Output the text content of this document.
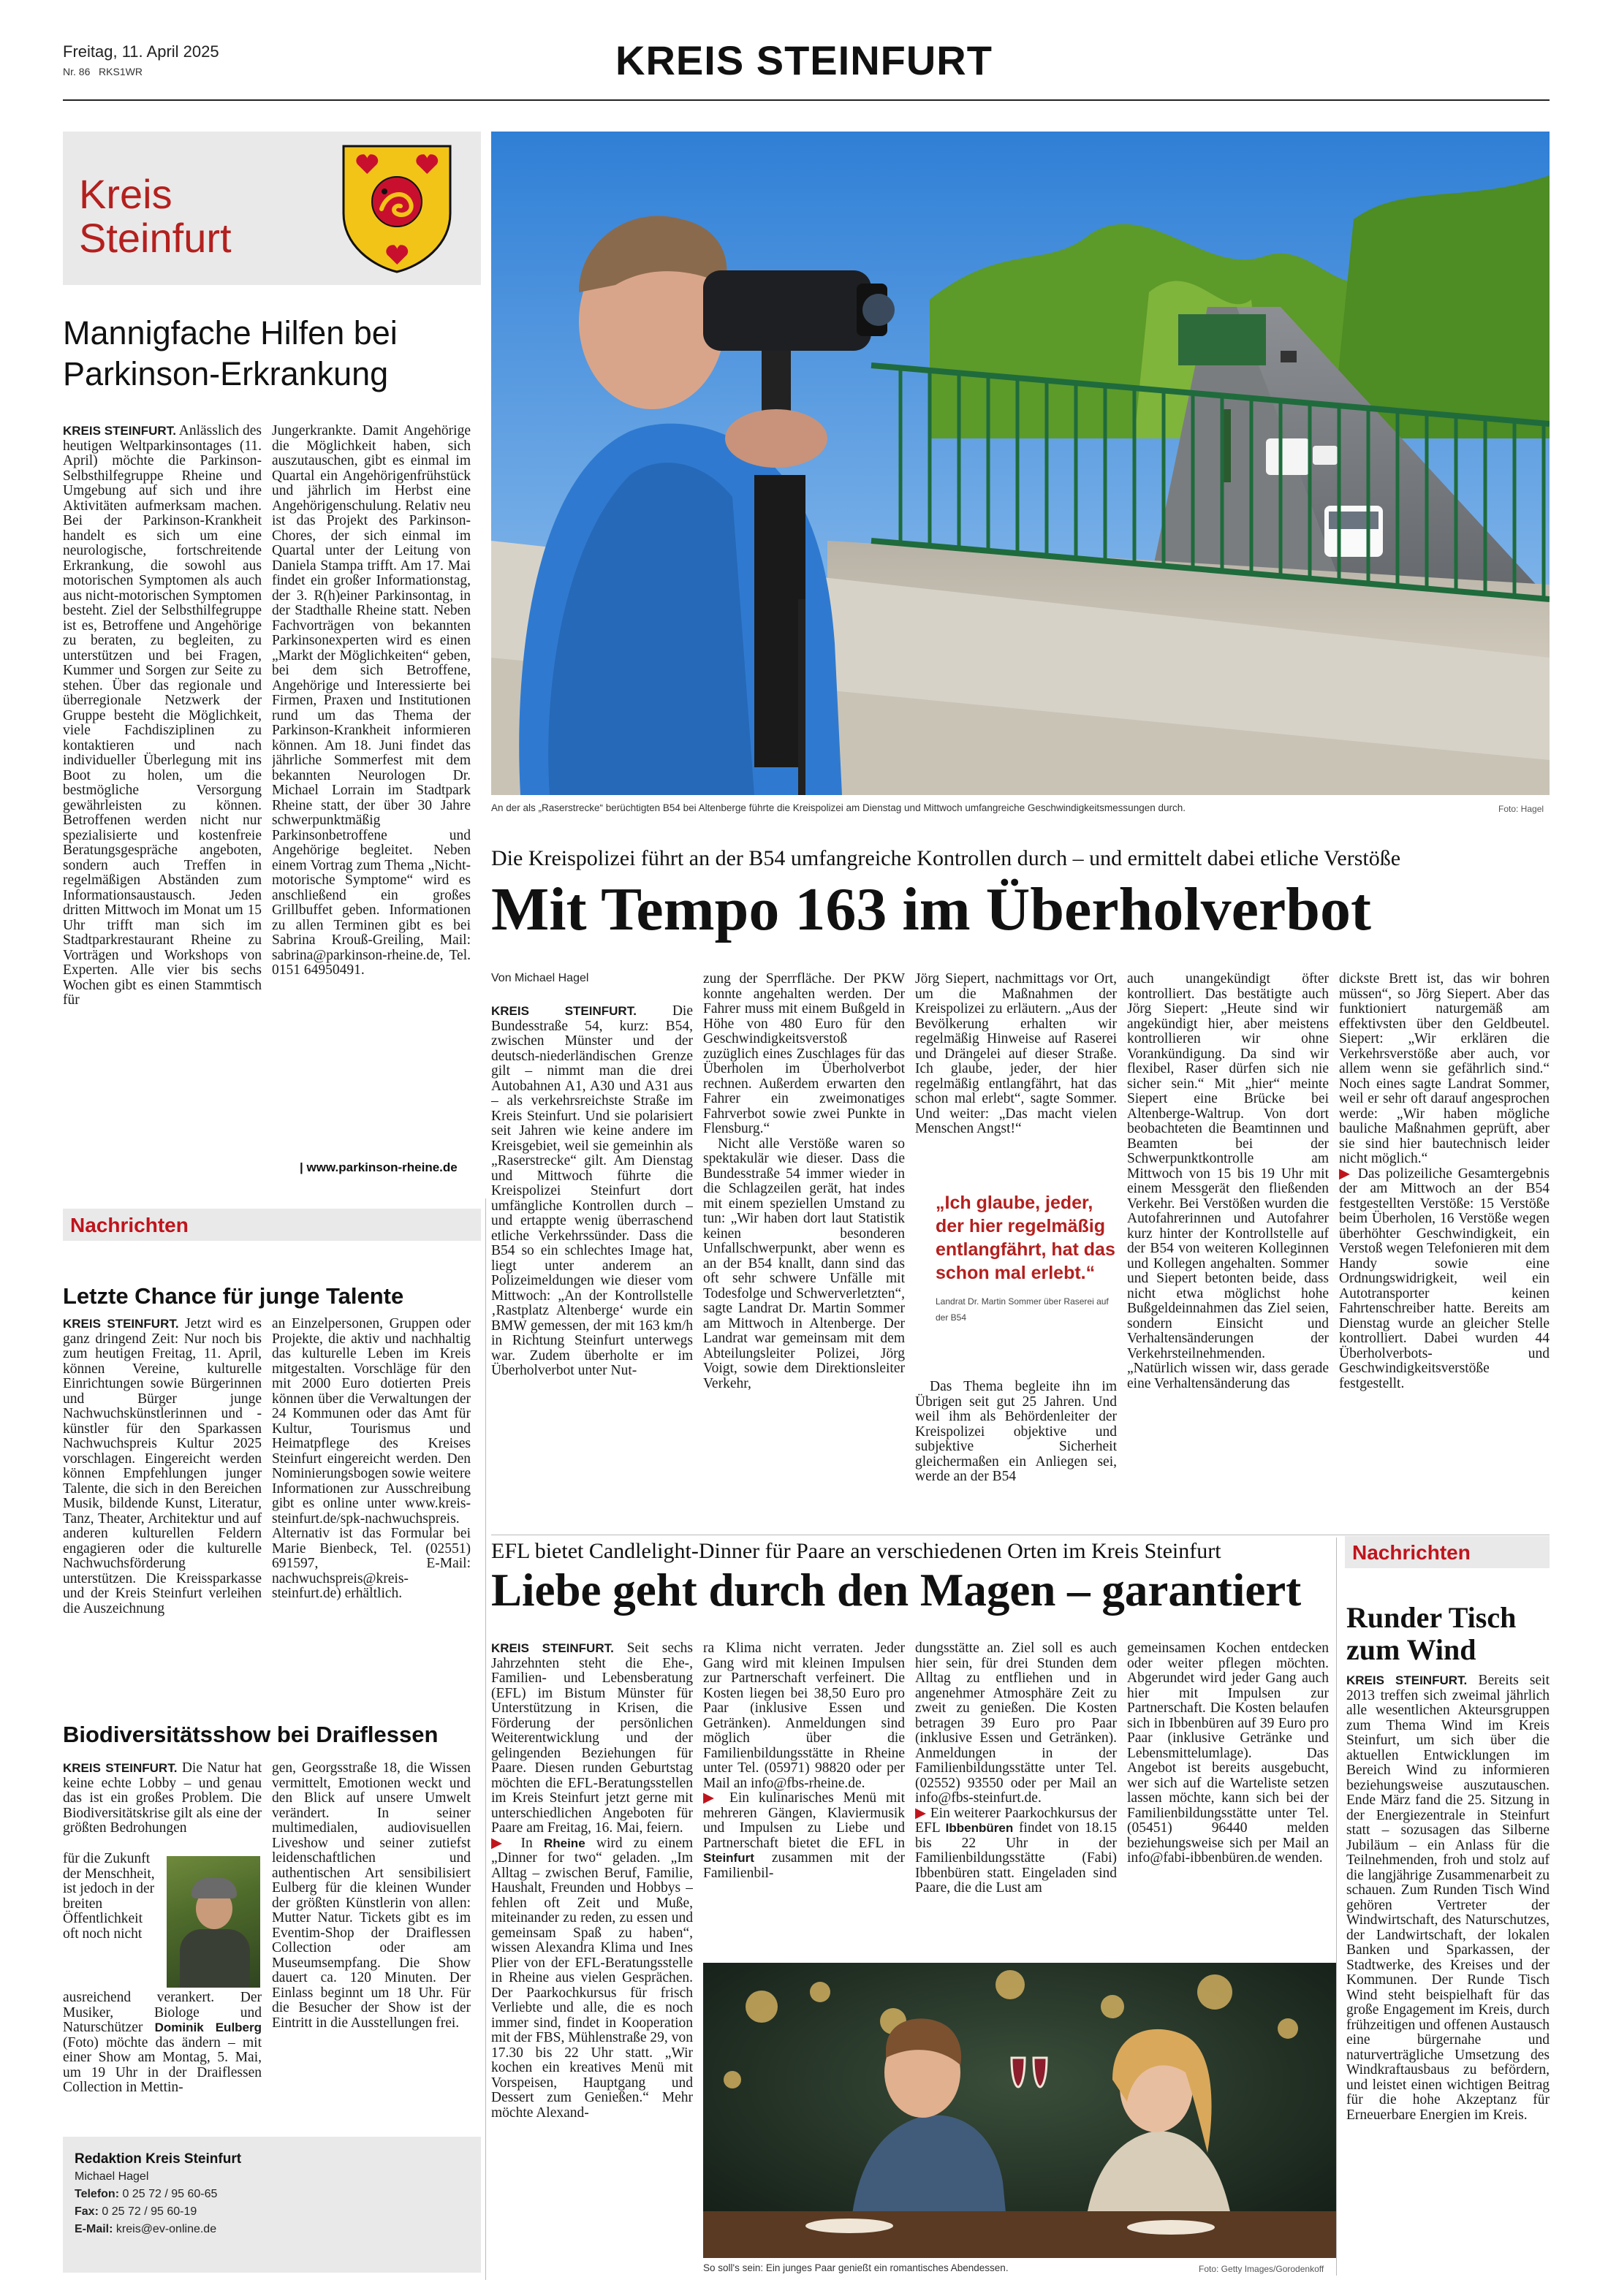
Freitag, 11. April 2025
Nr. 86 RKS1WR	KREIS STEINFURT
Kreis
Steinfurt
Mannigfache Hilfen bei
Parkinson-Erkrankung
KREIS STEINFURT. Anlässlich des heutigen Weltparkinsontages (11. April) möchte die Parkinson-Selbsthilfegruppe Rheine und Umgebung auf sich und ihre Aktivitäten aufmerksam machen. Bei der Parkinson-Krankheit handelt es sich um eine neurologische, fortschreitende Erkrankung, die sowohl aus motorischen Symptomen als auch aus nicht-motorischen Symptomen besteht. Ziel der Selbsthilfegruppe ist es, Betroffene und Angehörige zu beraten, zu begleiten, zu unterstützen und bei Fragen, Kummer und Sorgen zur Seite zu stehen. Über das regionale und überregionale Netzwerk der Gruppe besteht die Möglichkeit, viele Fachdisziplinen zu kontaktieren und nach individueller Überlegung mit ins Boot zu holen, um die bestmögliche Versorgung gewährleisten zu können. Betroffenen werden nicht nur spezialisierte und kostenfreie Beratungsgespräche angeboten, sondern auch Treffen in regelmäßigen Abständen zum Informationsaustausch. Jeden dritten Mittwoch im Monat um 15 Uhr trifft man sich im Stadtparkrestaurant Rheine zu Vorträgen und Workshops von Experten. Alle vier bis sechs Wochen gibt es einen Stammtisch für
Jungerkrankte. Damit Angehörige die Möglichkeit haben, sich auszutauschen, gibt es einmal im Quartal ein Angehörigenfrühstück und jährlich im Herbst eine Angehörigenschulung. Relativ neu ist das Projekt des Parkinson-Chores, der sich einmal im Quartal unter der Leitung von Daniela Stampa trifft. Am 17. Mai findet ein großer Informationstag, der 3. R(h)einer Parkinsontag, in der Stadthalle Rheine statt. Neben Fachvorträgen von bekannten Parkinsonexperten wird es einen „Markt der Möglichkeiten“ geben, bei dem sich Betroffene, Angehörige und Interessierte bei Firmen, Praxen und Institutionen rund um das Thema der Parkinson-Krankheit informieren können. Am 18. Juni findet das jährliche Sommerfest mit dem bekannten Neurologen Dr. Michael Lorrain im Stadtpark Rheine statt, der über 30 Jahre schwerpunktmäßig Parkinsonbetroffene und Angehörige begleitet. Neben einem Vortrag zum Thema „Nicht-motorische Symptome“ wird es anschließend ein großes Grillbuffet geben. Informationen zu allen Terminen gibt es bei Sabrina Krouß-Greiling, Mail: sabrina@parkinson-rheine.de, Tel. 0151 64950491.
| www.parkinson-rheine.de
Nachrichten
Letzte Chance für junge Talente
KREIS STEINFURT. Jetzt wird es ganz dringend Zeit: Nur noch bis zum heutigen Freitag, 11. April, können Vereine, kulturelle Einrichtungen sowie Bürgerinnen und Bürger junge Nachwuchskünstlerinnen und -künstler für den Sparkassen Nachwuchspreis Kultur 2025 vorschlagen. Eingereicht werden können Empfehlungen junger Talente, die sich in den Bereichen Musik, bildende Kunst, Literatur, Tanz, Theater, Architektur und auf anderen kulturellen Feldern engagieren oder die kulturelle Nachwuchsförderung unterstützen. Die Kreissparkasse und der Kreis Steinfurt verleihen die Auszeichnung
an Einzelpersonen, Gruppen oder Projekte, die aktiv und nachhaltig das kulturelle Leben im Kreis mitgestalten. Vorschläge für den mit 2000 Euro dotierten Preis können über die Verwaltungen der 24 Kommunen oder das Amt für Kultur, Tourismus und Heimatpflege des Kreises Steinfurt eingereicht werden. Den Nominierungsbogen sowie weitere Informationen zur Ausschreibung gibt es online unter www.kreis-steinfurt.de/spk-nachwuchspreis. Alternativ ist das Formular bei Marie Bienbeck, Tel. (02551) 691597, E-Mail: nachwuchspreis@kreis-steinfurt.de) erhältlich.
Biodiversitätsshow bei Draiflessen
KREIS STEINFURT. Die Natur hat keine echte Lobby – und genau das ist ein großes Problem. Die Biodiversitätskrise gilt als eine der größten Bedrohungen
für die Zukunft der Menschheit, ist jedoch in der breiten Öffentlichkeit oft noch nicht
ausreichend verankert. Der Musiker, Biologe und Naturschützer Dominik Eulberg (Foto) möchte das ändern – mit einer Show am Montag, 5. Mai, um 19 Uhr in der Draiflessen Collection in Mettin-
gen, Georgsstraße 18, die Wissen vermittelt, Emotionen weckt und den Blick auf unsere Umwelt verändert. In seiner multimedialen, audiovisuellen Liveshow und seiner zutiefst leidenschaftlichen und authentischen Art sensibilisiert Eulberg für die kleinen Wunder der größten Künstlerin von allen: Mutter Natur. Tickets gibt es im Eventim-Shop der Draiflessen Collection oder am Museumsempfang. Die Show dauert ca. 120 Minuten. Der Einlass beginnt um 18 Uhr. Für die Besucher der Show ist der Eintritt in die Ausstellungen frei.
Redaktion Kreis Steinfurt
Michael Hagel
Telefon: 0 25 72 / 95 60-65
Fax: 0 25 72 / 95 60-19
E-Mail: kreis@ev-online.de
An der als „Raserstrecke“ berüchtigten B54 bei Altenberge führte die Kreispolizei am Dienstag und Mittwoch umfangreiche Geschwindigkeitsmessungen durch.	Foto: Hagel
Die Kreispolizei führt an der B54 umfangreiche Kontrollen durch – und ermittelt dabei etliche Verstöße
Mit Tempo 163 im Überholverbot
Von Michael Hagel
KREIS STEINFURT.	Die Bundesstraße 54, kurz: B54, zwischen Münster und der deutsch-niederländischen Grenze gilt – nimmt man die drei Autobahnen A1, A30 und A31 aus – als verkehrsreichste Straße im Kreis Steinfurt. Und sie polarisiert seit Jahren wie keine andere im Kreisgebiet, weil sie gemeinhin als „Raserstrecke“ gilt. Am Dienstag und Mittwoch führte die Kreispolizei Steinfurt dort umfängliche Kontrollen durch – und ertappte wenig überraschend etliche Verkehrssünder. Dass die B54 so ein schlechtes Image hat, liegt unter anderem an Polizeimeldungen wie dieser vom Mittwoch: „An der Kontrollstelle ‚Rastplatz Altenberge‘ wurde ein BMW gemessen, der mit 163 km/h in Richtung Steinfurt unterwegs war. Zudem überholte er im Überholverbot unter Nut-

zung der Sperrfläche. Der PKW konnte angehalten werden. Der Fahrer muss mit einem Bußgeld in Höhe von 480 Euro für den Geschwindigkeitsverstoß zuzüglich eines Zuschlages für das Überholen im Überholverbot rechnen. Außerdem erwarten den Fahrer ein zweimonatiges Fahrverbot sowie zwei Punkte in Flensburg.“

Nicht alle Verstöße waren so spektakulär wie dieser. Dass die Bundesstraße 54 immer wieder in die Schlagzeilen gerät, hat indes mit einem speziellen Umstand zu tun: „Wir haben dort laut Statistik keinen besonderen Unfallschwerpunkt, aber wenn es an der B54 knallt, dann sind das oft sehr schwere Unfälle mit Todesfolge und Schwerverletzten“, sagte Landrat Dr. Martin Sommer am Mittwoch in Altenberge. Der Landrat war gemeinsam mit dem Abteilungsleiter Polizei, Jörg Voigt, sowie dem Direktionsleiter Verkehr,

Jörg Siepert, nachmittags vor Ort, um die Maßnahmen der Kreispolizei zu erläutern. „Aus der Bevölkerung erhalten wir regelmäßig Hinweise auf Raserei und Drängelei auf dieser Straße. Ich glaube, jeder, der hier regelmäßig entlangfährt, hat das schon mal erlebt“, sagte Sommer. Und weiter: „Das macht vielen Menschen Angst!“

„Ich glaube, jeder, der hier regelmäßig entlangfährt, hat das schon mal erlebt.“
Landrat Dr. Martin Sommer über Raserei auf der B54

Das Thema begleite ihn im Übrigen seit gut 25 Jahren. Und weil ihm als Behördenleiter der Kreispolizei objektive und subjektive Sicherheit gleichermaßen ein Anliegen sei, werde an der B54

auch unangekündigt öfter kontrolliert. Das bestätigte auch Jörg Siepert: „Heute sind wir angekündigt hier, aber meistens kontrollieren wir ohne Vorankündigung. Da sind wir flexibel, Raser dürfen sich nie sicher sein.“ Mit „hier“ meinte Siepert eine Brücke bei Altenberge-Waltrup. Von dort beobachteten die Beamtinnen und Beamten bei der Schwerpunktkontrolle am Mittwoch von 15 bis 19 Uhr mit einem Messgerät den fließenden Verkehr. Bei Verstößen wurden die Autofahrerinnen und Autofahrer kurz hinter der Kontrollstelle auf der B54 von weiteren Kolleginnen und Kollegen angehalten. Sommer und Siepert betonten beide, dass nicht etwa möglichst hohe Bußgeldeinnahmen das Ziel seien, sondern Einsicht und Verhaltensänderungen der Verkehrsteilnehmenden. „Natürlich wissen wir, dass gerade eine Verhaltensänderung das

dickste Brett ist, das wir bohren müssen“, so Jörg Siepert. Aber das funktioniert naturgemäß am effektivsten über den Geldbeutel. Siepert: „Wir erklären die Verkehrsverstöße aber auch, vor allem wenn sie gefährlich sind.“ Noch eines sagte Landrat Sommer, weil er sehr oft darauf angesprochen werde: „Wir haben mögliche bauliche Maßnahmen geprüft, aber sie sind hier bautechnisch leider nicht möglich.“

▶ Das polizeiliche Gesamtergebnis der am Mittwoch an der B54 festgestellten Verstöße: 15 Verstöße beim Überholen, 16 Verstöße wegen überhöhter Geschwindigkeit, ein Verstoß wegen Telefonieren mit dem Handy sowie eine Ordnungswidrigkeit, weil ein Autotransporter keinen Fahrtenschreiber hatte. Bereits am Dienstag wurde an gleicher Stelle kontrolliert. Dabei wurden 44 Überholverbots- und Geschwindigkeitsverstöße festgestellt.

EFL bietet Candlelight-Dinner für Paare an verschiedenen Orten im Kreis Steinfurt
Liebe geht durch den Magen – garantiert

KREIS STEINFURT. Seit sechs Jahrzehnten steht die Ehe-, Familien- und Lebensberatung (EFL) im Bistum Münster für Unterstützung in Krisen, die Förderung der persönlichen Weiterentwicklung und der gelingenden Beziehungen für Paare. Diesen runden Geburtstag möchten die EFL-Beratungsstellen im Kreis Steinfurt jetzt gerne mit unterschiedlichen Angeboten für Paare am Freitag, 16. Mai, feiern.

▶ In Rheine wird zu einem „Dinner for two“ geladen. „Im Alltag – zwischen Beruf, Familie, Haushalt, Freunden und Hobbys – fehlen oft Zeit und Muße, miteinander zu reden, zu essen und gemeinsam Spaß zu haben“, wissen Alexandra Klima und Ines Plier von der EFL-Beratungsstelle in Rheine aus vielen Gesprächen. Der Paarkochkursus für frisch Verliebte und alle, die es noch immer sind, findet in Kooperation mit der FBS, Mühlenstraße 29, von 17.30 bis 22 Uhr statt. „Wir kochen ein kreatives Menü mit Vorspeisen, Hauptgang und Dessert zum Genießen.“ Mehr möchte Alexand-

ra Klima nicht verraten. Jeder Gang wird mit kleinen Impulsen zur Partnerschaft verfeinert. Die Kosten liegen bei 38,50 Euro pro Paar (inklusive Essen und Getränken). Anmeldungen sind möglich über die Familienbildungsstätte in Rheine unter Tel. (05971) 98820 oder per Mail an info@fbs-rheine.de.

▶ Ein kulinarisches Menü mit mehreren Gängen, Klaviermusik und Impulsen zu Liebe und Partnerschaft bietet die EFL in Steinfurt zusammen mit der Familienbil-

dungsstätte an. Ziel soll es auch hier sein, für drei Stunden dem Alltag zu entfliehen und in angenehmer Atmosphäre Zeit zu zweit zu genießen. Die Kosten betragen 39 Euro pro Paar (inklusive Essen und Getränken). Anmeldungen in der Familienbildungsstätte unter Tel. (02552) 93550 oder per Mail an info@fbs-steinfurt.de.

▶ Ein weiterer Paarkochkursus der EFL Ibbenbüren findet von 18.15 bis 22 Uhr in der Familienbildungsstätte (Fabi) Ibbenbüren statt. Eingeladen sind Paare, die die Lust am

gemeinsamen Kochen entdecken oder weiter pflegen möchten. Abgerundet wird jeder Gang auch hier mit Impulsen zur Partnerschaft. Die Kosten belaufen sich in Ibbenbüren auf 39 Euro pro Paar (inklusive Getränke und Lebensmittelumlage). Das Angebot ist bereits ausgebucht, wer sich auf die Warteliste setzen lassen möchte, kann sich bei der Familienbildungsstätte unter Tel. (05451) 96440 melden beziehungsweise sich per Mail an info@fabi-ibbenbüren.de wenden.
So soll's sein: Ein junges Paar genießt ein romantisches Abendessen.	Foto: Getty Images/Gorodenkoff
Nachrichten
Runder Tisch
zum Wind
KREIS STEINFURT. Bereits seit 2013 treffen sich zweimal jährlich alle wesentlichen Akteursgruppen zum Thema Wind im Kreis Steinfurt, um sich über die aktuellen Entwicklungen im Bereich Wind zu informieren beziehungsweise auszutauschen. Ende März fand die 25. Sitzung in der Energiezentrale in Steinfurt statt – sozusagen das Silberne Jubiläum – ein Anlass für die Teilnehmenden, froh und stolz auf die langjährige Zusammenarbeit zu schauen. Zum Runden Tisch Wind gehören Vertreter der Windwirtschaft, des Naturschutzes, der Landwirtschaft, der lokalen Banken und Sparkassen, der Stadtwerke, des Kreises und der Kommunen. Der Runde Tisch Wind steht beispielhaft für das große Engagement im Kreis, durch frühzeitigen und offenen Austausch eine bürgernahe und naturverträgliche Umsetzung des Windkraftausbaus zu befördern, und leistet einen wichtigen Beitrag für die hohe Akzeptanz für Erneuerbare Energien im Kreis.
